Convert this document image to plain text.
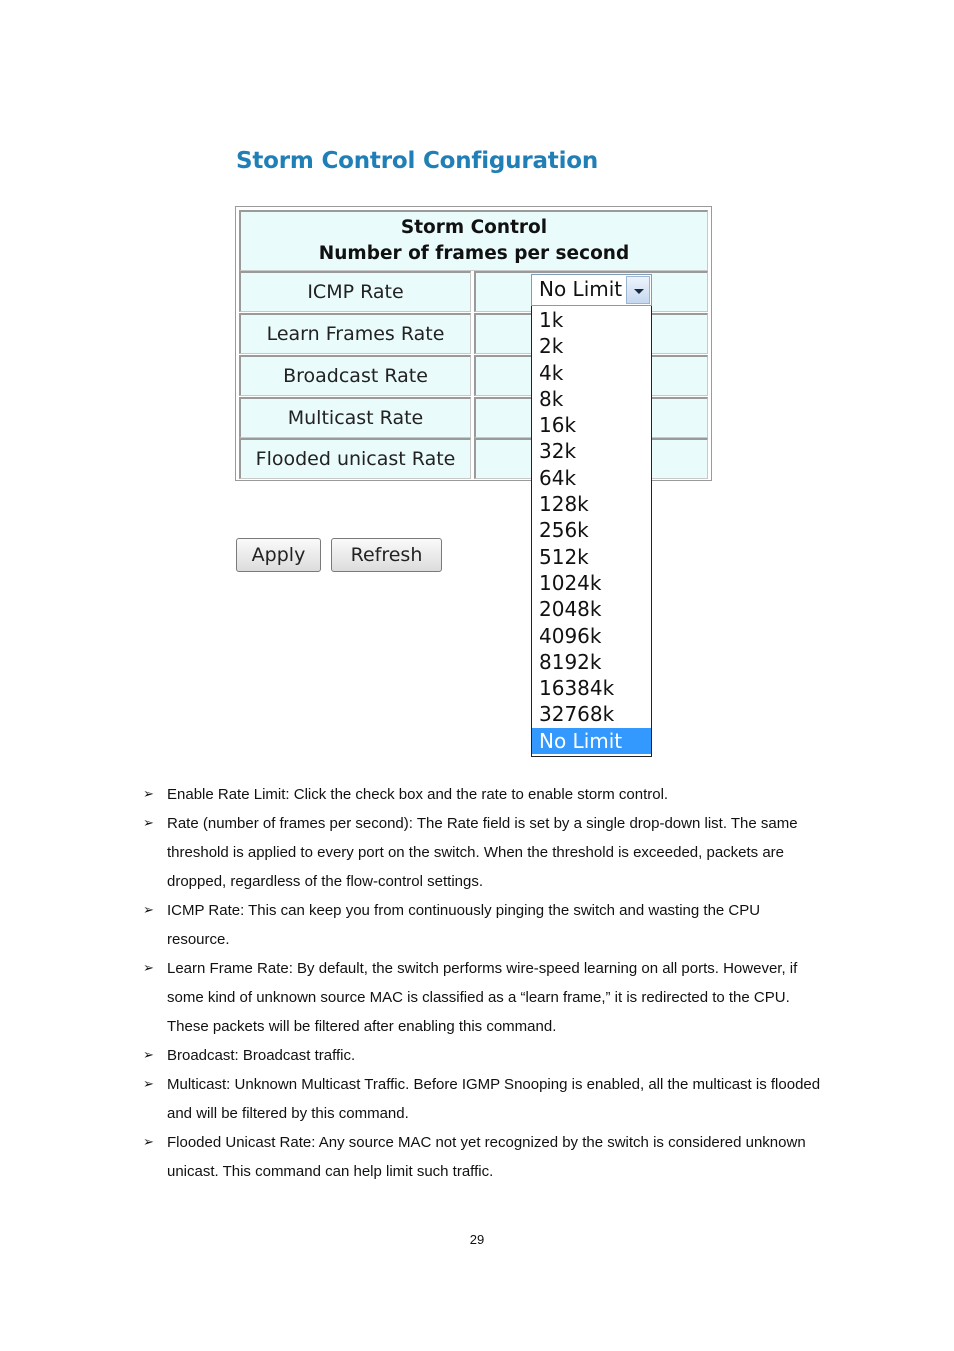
Storm Control Configuration
Storm Control
Number of frames per second
ICMP Rate
Learn Frames Rate
Broadcast Rate
Multicast Rate
Flooded unicast Rate
Apply	Refresh
No Limit
1k
2k
4k
8k
16k
32k
64k
128k
256k
512k
1024k
2048k
4096k
8192k
16384k
32768k
No Limit
➢ Enable Rate Limit: Click the check box and the rate to enable storm control.
➢ Rate (number of frames per second): The Rate field is set by a single drop-down list. The same threshold is applied to every port on the switch. When the threshold is exceeded, packets are dropped, regardless of the flow-control settings.
➢ ICMP Rate: This can keep you from continuously pinging the switch and wasting the CPU resource.
➢ Learn Frame Rate: By default, the switch performs wire-speed learning on all ports. However, if some kind of unknown source MAC is classified as a “learn frame,” it is redirected to the CPU. These packets will be filtered after enabling this command.
➢ Broadcast: Broadcast traffic.
➢ Multicast: Unknown Multicast Traffic. Before IGMP Snooping is enabled, all the multicast is flooded and will be filtered by this command.
➢ Flooded Unicast Rate: Any source MAC not yet recognized by the switch is considered unknown unicast. This command can help limit such traffic.
29
